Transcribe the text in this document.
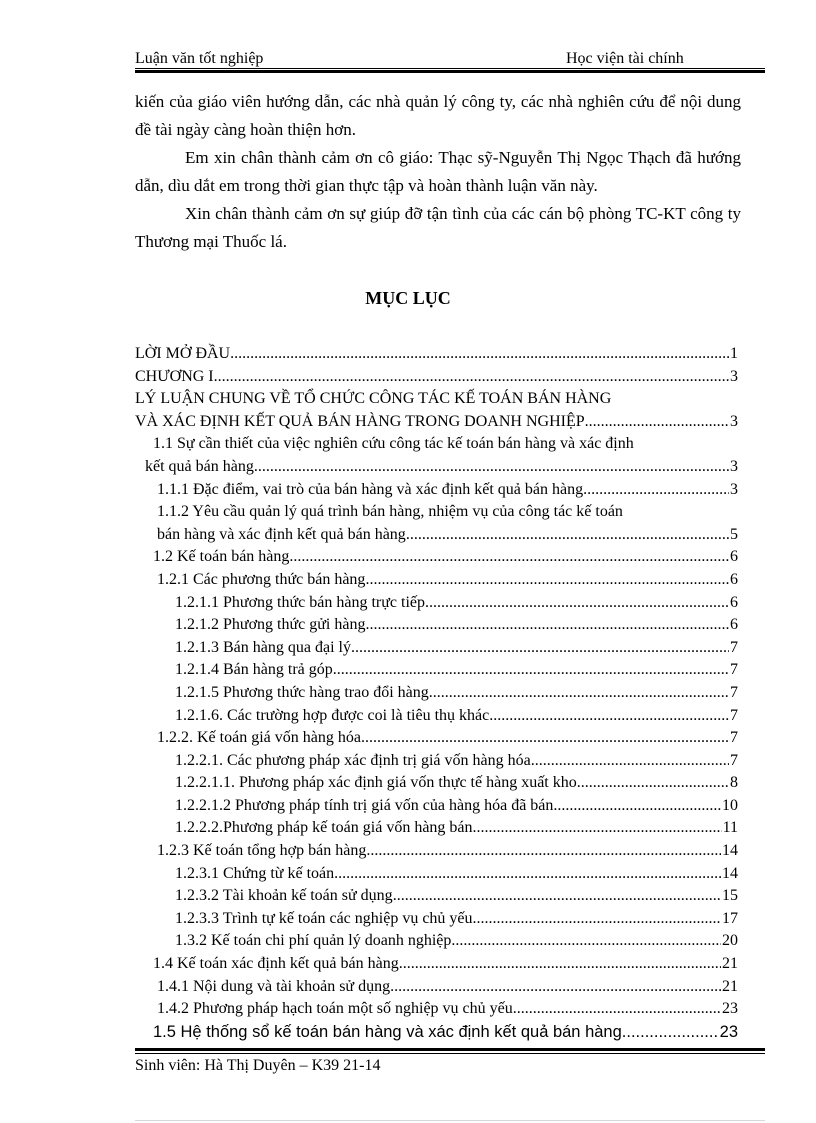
Luận văn tốt nghiệp	Học viện tài chính

kiến của giáo viên hướng dẫn, các nhà quản lý công ty, các nhà nghiên cứu để nội dung đề tài ngày càng hoàn thiện hơn.

Em xin chân thành cảm ơn cô giáo: Thạc sỹ-Nguyễn Thị Ngọc Thạch đã hướng dẫn, dìu dắt em trong thời gian thực tập và hoàn thành luận văn này.

Xin chân thành cảm ơn sự giúp đỡ tận tình của các cán bộ phòng TC-KT công ty Thương mại Thuốc lá.

MỤC LỤC
LỜI MỞ ĐẦU .....	1
CHƯƠNG I .....	3
LÝ LUẬN CHUNG VỀ TỔ CHỨC CÔNG TÁC KẾ TOÁN BÁN HÀNG
VÀ XÁC ĐỊNH KẾT QUẢ BÁN HÀNG TRONG DOANH NGHIỆP .....	3
1.1 Sự cần thiết của việc nghiên cứu công tác kế toán bán hàng và xác định
kết quả bán hàng .....	3
1.1.1 Đặc điểm, vai trò của bán hàng và xác định kết quả bán hàng .....	3
1.1.2 Yêu cầu quản lý quá trình bán hàng, nhiệm vụ của công tác kế toán
bán hàng và xác định kết quả bán hàng .....	5
1.2 Kế toán bán hàng .....	6
1.2.1 Các phương thức bán hàng .....	6
1.2.1.1 Phương thức bán hàng trực tiếp .....	6
1.2.1.2 Phương thức gửi hàng .....	6
1.2.1.3 Bán hàng qua đại lý .....	7
1.2.1.4 Bán hàng trả góp .....	7
1.2.1.5 Phương thức hàng trao đổi hàng .....	7
1.2.1.6. Các trường hợp được coi là tiêu thụ khác. .....	7
1.2.2. Kế toán giá vốn hàng hóa .....	7
1.2.2.1. Các phương pháp xác định trị giá vốn hàng hóa. .....	7
1.2.2.1.1. Phương pháp xác định giá vốn thực tế hàng xuất kho .....	8
1.2.2.1.2 Phương pháp tính trị giá vốn của hàng hóa đã bán .....	10
1.2.2.2.Phương pháp kế toán giá vốn hàng bán .....	11
1.2.3 Kế toán tổng hợp bán hàng .....	14
1.2.3.1 Chứng từ kế toán .....	14
1.2.3.2 Tài khoản kế toán sử dụng .....	15
1.2.3.3 Trình tự kế toán các nghiệp vụ chủ yếu .....	17
1.3.2 Kế toán chi phí quản lý doanh nghiệp .....	20
1.4 Kế toán xác định kết quả bán hàng .....	21
1.4.1 Nội dung và tài khoản sử dụng .....	21
1.4.2 Phương pháp hạch toán một số nghiệp vụ chủ yếu .....	23
1.5 Hệ thống sổ kế toán bán hàng và xác định kết quả bán hàng .....	23
Sinh viên: Hà Thị Duyên – K39 21-14
